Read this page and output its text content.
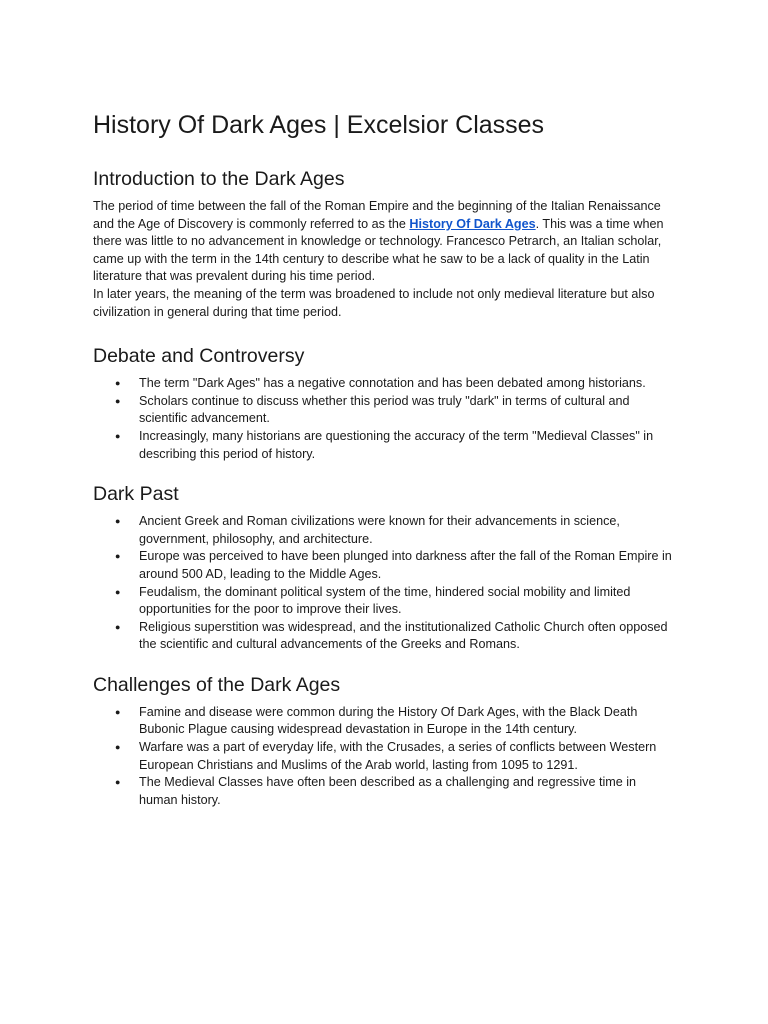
History Of Dark Ages | Excelsior Classes
Introduction to the Dark Ages

The period of time between the fall of the Roman Empire and the beginning of the Italian Renaissance and the Age of Discovery is commonly referred to as the History Of Dark Ages. This was a time when there was little to no advancement in knowledge or technology. Francesco Petrarch, an Italian scholar, came up with the term in the 14th century to describe what he saw to be a lack of quality in the Latin literature that was prevalent during his time period.

In later years, the meaning of the term was broadened to include not only medieval literature but also civilization in general during that time period.

Debate and Controversy
● The term "Dark Ages" has a negative connotation and has been debated among historians.
● Scholars continue to discuss whether this period was truly "dark" in terms of cultural and scientific advancement.
● Increasingly, many historians are questioning the accuracy of the term "Medieval Classes" in describing this period of history.
Dark Past
● Ancient Greek and Roman civilizations were known for their advancements in science, government, philosophy, and architecture.
● Europe was perceived to have been plunged into darkness after the fall of the Roman Empire in around 500 AD, leading to the Middle Ages.
● Feudalism, the dominant political system of the time, hindered social mobility and limited opportunities for the poor to improve their lives.
● Religious superstition was widespread, and the institutionalized Catholic Church often opposed the scientific and cultural advancements of the Greeks and Romans.
Challenges of the Dark Ages
● Famine and disease were common during the History Of Dark Ages, with the Black Death Bubonic Plague causing widespread devastation in Europe in the 14th century.
● Warfare was a part of everyday life, with the Crusades, a series of conflicts between Western European Christians and Muslims of the Arab world, lasting from 1095 to 1291.
● The Medieval Classes have often been described as a challenging and regressive time in human history.
